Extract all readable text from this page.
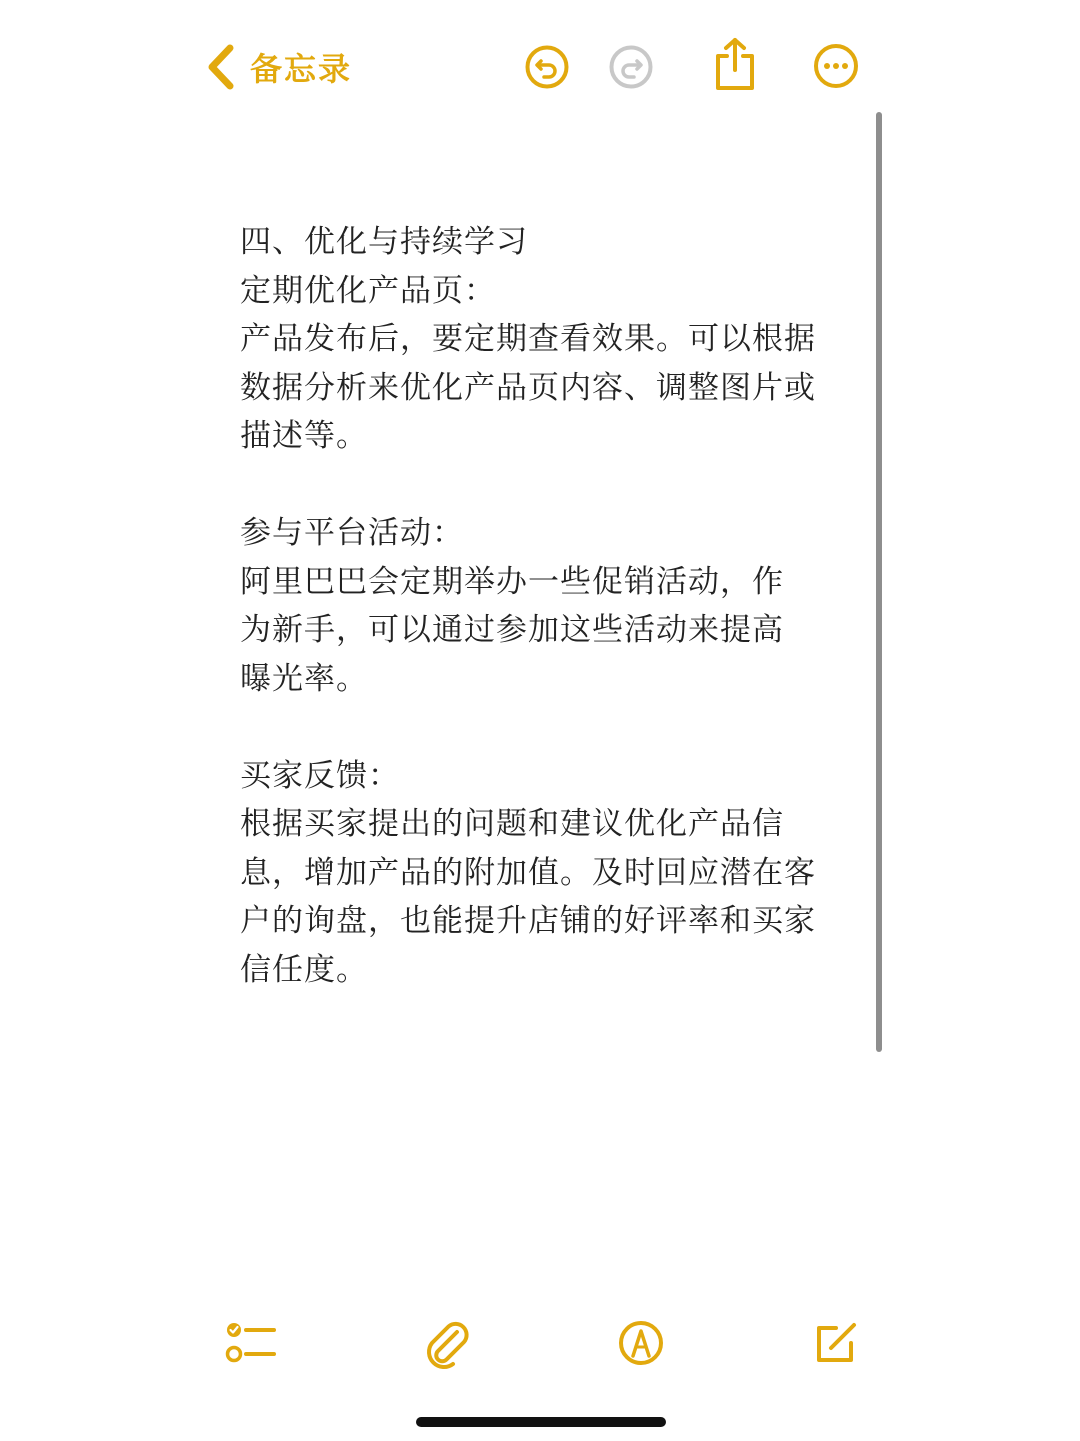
备忘录
四、优化与持续学习
定期优化产品页：
产品发布后，要定期查看效果。可以根据
数据分析来优化产品页内容、调整图片或
描述等。
参与平台活动：
阿里巴巴会定期举办一些促销活动，作
为新手，可以通过参加这些活动来提高
曝光率。
买家反馈：
根据买家提出的问题和建议优化产品信
息，增加产品的附加值。及时回应潜在客
户的询盘，也能提升店铺的好评率和买家
信任度。
